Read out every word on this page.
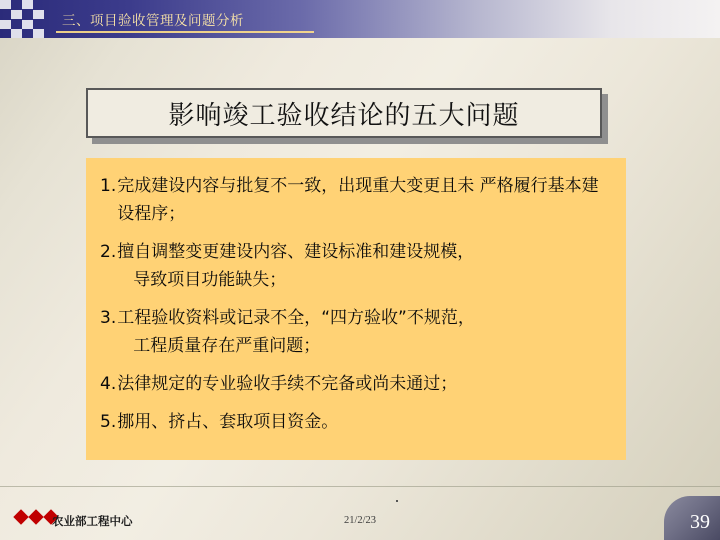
三、项目验收管理及问题分析
影响竣工验收结论的五大问题
1. 完成建设内容与批复不一致，出现重大变更且未 严格履行基本建设程序；
2. 擅自调整变更建设内容、建设标准和建设规模，
导致项目功能缺失；
3. 工程验收资料或记录不全，“四方验收”不规范，
工程质量存在严重问题；
4. 法律规定的专业验收手续不完备或尚未通过；
5. 挪用、挤占、套取项目资金。
农业部工程中心	21/2/23	39
